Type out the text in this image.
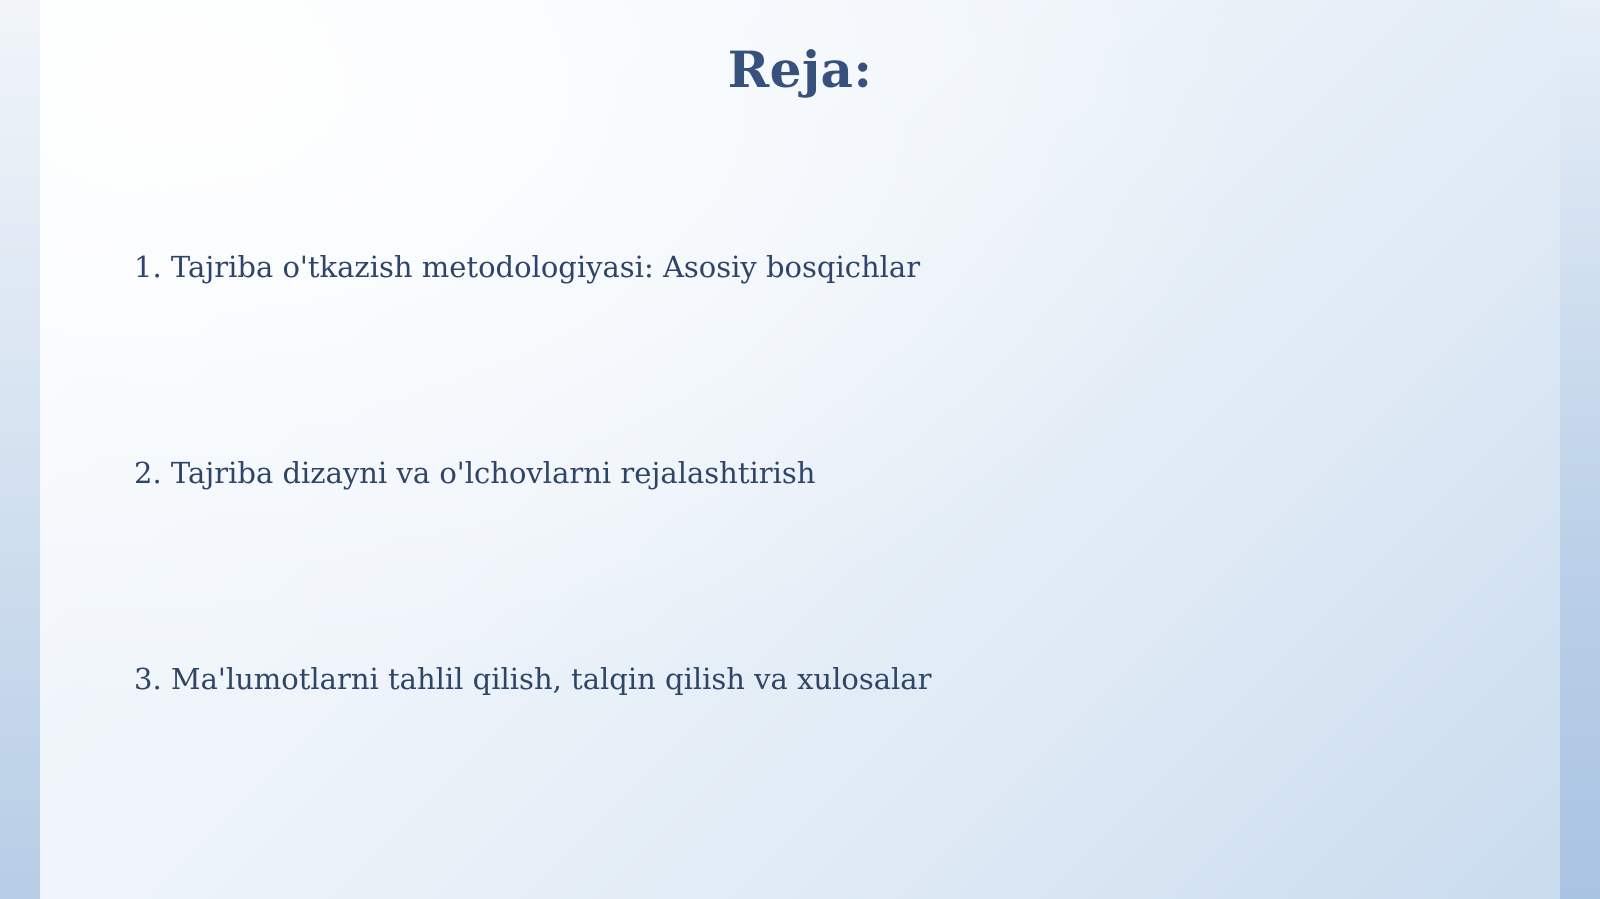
Reja:
1. Tajriba o'tkazish metodologiyasi: Asosiy bosqichlar
2. Tajriba dizayni va o'lchovlarni rejalashtirish
3. Ma'lumotlarni tahlil qilish, talqin qilish va xulosalar
